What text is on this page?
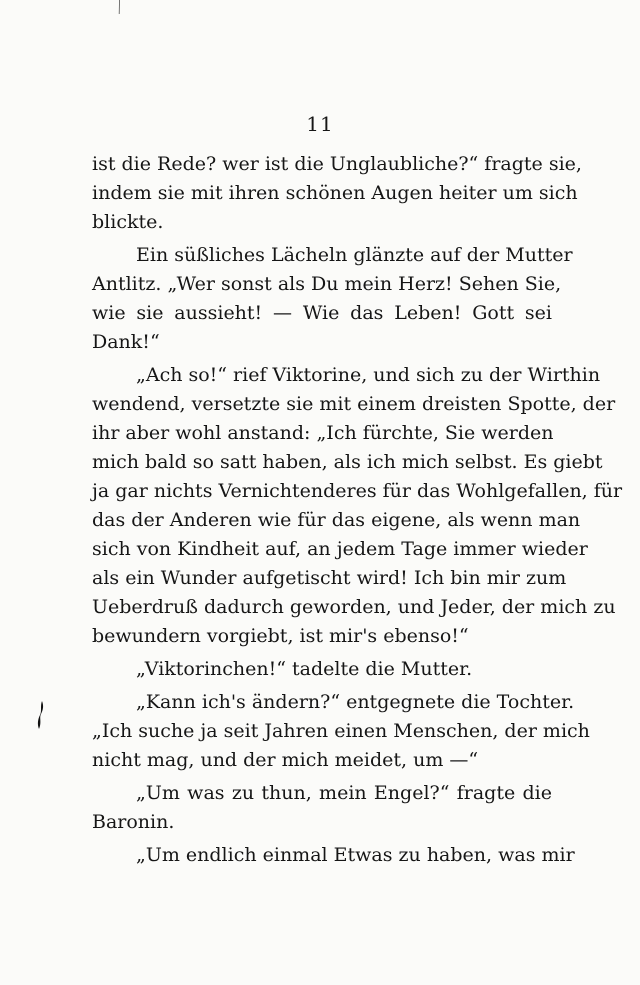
11
ist die Rede? wer ist die Unglaubliche?“ fragte sie,
indem sie mit ihren schönen Augen heiter um sich
blickte.
Ein süßliches Lächeln glänzte auf der Mutter
Antlitz. „Wer sonst als Du mein Herz! Sehen Sie,
wie sie aussieht! — Wie das Leben! Gott sei
Dank!“
„Ach so!“ rief Viktorine, und sich zu der Wirthin
wendend, versetzte sie mit einem dreisten Spotte, der
ihr aber wohl anstand: „Ich fürchte, Sie werden
mich bald so satt haben, als ich mich selbst. Es giebt
ja gar nichts Vernichtenderes für das Wohlgefallen, für
das der Anderen wie für das eigene, als wenn man
sich von Kindheit auf, an jedem Tage immer wieder
als ein Wunder aufgetischt wird! Ich bin mir zum
Ueberdruß dadurch geworden, und Jeder, der mich zu
bewundern vorgiebt, ist mir's ebenso!“
„Viktorinchen!“ tadelte die Mutter.
„Kann ich's ändern?“ entgegnete die Tochter.
„Ich suche ja seit Jahren einen Menschen, der mich
nicht mag, und der mich meidet, um —“
„Um was zu thun, mein Engel?“ fragte die
Baronin.
„Um endlich einmal Etwas zu haben, was mir
